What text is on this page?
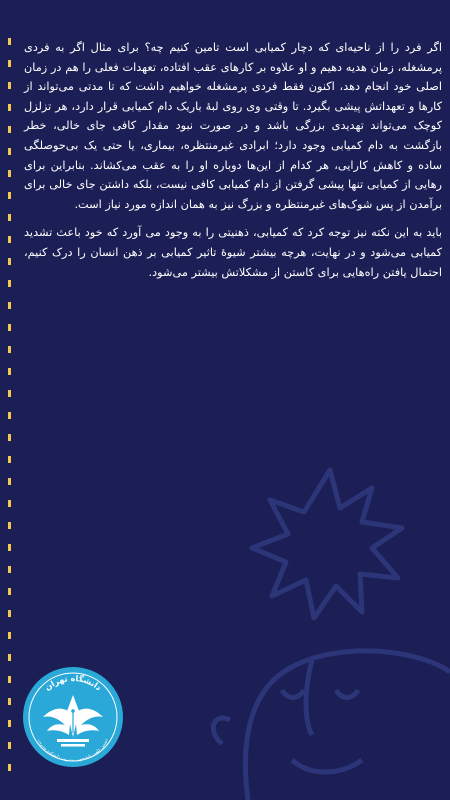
اگر فرد را از ناحیه‌ای که دچار کمیابی است تامین کنیم چه؟ برای مثال اگر به فردی پرمشغله، زمان هدیه دهیم و او علاوه بر کارهای عقب افتاده، تعهدات فعلی را هم در زمان اصلی خود انجام دهد، اکنون فقط فردی پرمشغله خواهیم داشت که تا مدتی می‌تواند از کارها و تعهداتش پیشی بگیرد. تا وقتی وی روی لبهٔ باریک دام کمیابی قرار دارد، هر تزلزل کوچک می‌تواند تهدیدی بزرگی باشد و در صورت نبود مقدار کافی جای خالی، خطر بازگشت به دام کمیابی وجود دارد؛ ابرادی غیرمنتظره، بیماری، یا حتی یک بی‌حوصلگی ساده و کاهش کارایی، هر کدام از این‌ها دوباره او را به عقب می‌کشاند. بنابراین برای رهایی از کمیابی تنها پیشی گرفتن از دام کمیابی کافی نیست، بلکه داشتن جای خالی برای برآمدن از پس شوک‌های غیرمنتظره و بزرگ نیز به همان اندازه مورد نیاز است.

باید به این نکته نیز توجه کرد که کمیابی، ذهنیتی را به وجود می آورد که خود باعث تشدید کمیابی می‌شود و در نهایت، هرچه بیشتر شیوهٔ تاثیر کمیابی بر ذهن انسان را درک کنیم، احتمال یافتن راه‌هایی برای کاستن از مشکلاتش بیشتر می‌شود.

دانشگاه تهران
انجمن علمی دانشجویی مدیریت دانشکده مدیریت
